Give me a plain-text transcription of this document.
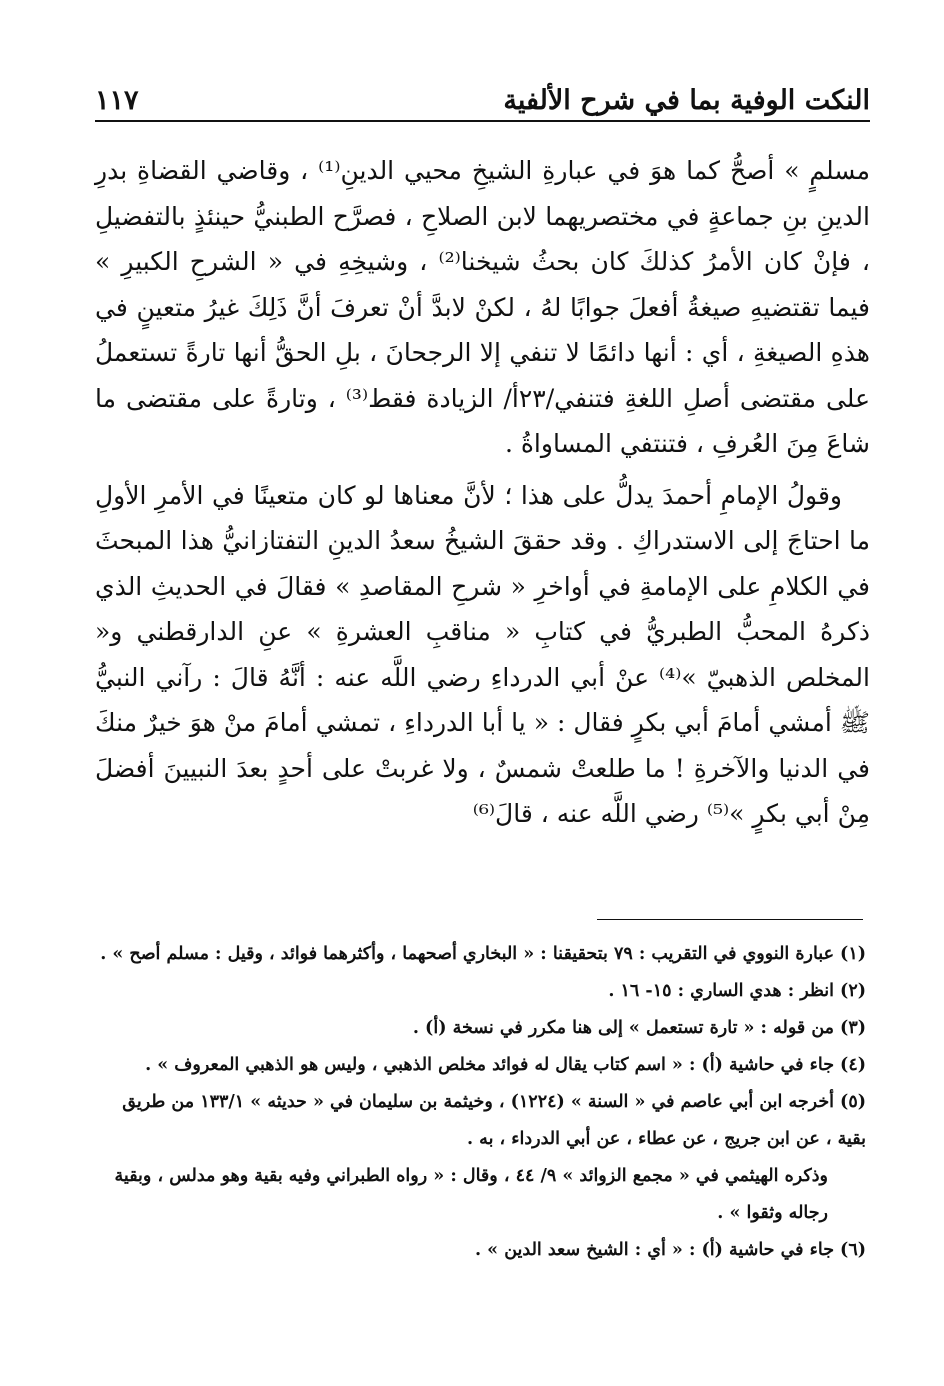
النكت الوفية بما في شرح الألفية
١١٧

مسلمٍ » أصحُّ كما هوَ في عبارةِ الشيخِ محيي الدينِ⁽¹⁾ ، وقاضي القضاةِ بدرِ الدينِ بنِ جماعةٍ في مختصريهما لابن الصلاحِ ، فصرَّح الطبنيُّ حينئذٍ بالتفضيلِ ، فإنْ كان الأمرُ كذلكَ كان بحثُ شيخنا⁽²⁾ ، وشيخِهِ في « الشرحِ الكبيرِ » فيما تقتضيهِ صيغةُ أفعلَ جوابًا لهُ ، لكنْ لابدَّ أنْ تعرفَ أنَّ ذَلِكَ غيرُ متعينٍ في هذهِ الصيغةِ ، أي : أنها دائمًا لا تنفي إلا الرجحانَ ، بلِ الحقُّ أنها تارةً تستعملُ على مقتضى أصلِ اللغةِ فتنفي/٢٣أ/ الزيادة فقط⁽³⁾ ، وتارةً على مقتضى ما شاعَ مِنَ العُرفِ ، فتنتفي المساواةُ .

وقولُ الإمامِ أحمدَ يدلُّ على هذا ؛ لأنَّ معناها لو كان متعينًا في الأمرِ الأولِ ما احتاجَ إلى الاستدراكِ . وقد حققَ الشيخُ سعدُ الدينِ التفتازانيُّ هذا المبحثَ في الكلامِ على الإمامةِ في أواخرِ « شرحِ المقاصدِ » فقالَ في الحديثِ الذي ذكرهُ المحبُّ الطبريُّ في كتابِ « مناقبِ العشرةِ » عنِ الدارقطني و« المخلص الذهبيّ »⁽⁴⁾ عنْ أبي الدرداءِ رضي اللَّه عنه : أنَّهُ قالَ : رآني النبيُّ ﷺ أمشي أمامَ أبي بكرٍ فقال : « يا أبا الدرداءِ ، تمشي أمامَ منْ هوَ خيرٌ منكَ في الدنيا والآخرةِ ! ما طلعتْ شمسٌ ، ولا غربتْ على أحدٍ بعدَ النبيينَ أفضلَ مِنْ أبي بكرٍ »⁽⁵⁾ رضي اللَّه عنه ، قالَ⁽⁶⁾

(١)عبارة النووي في التقريب : ٧٩ بتحقيقنا : « البخاري أصحهما ، وأكثرهما فوائد ، وقيل : مسلم أصح » .

(٢)انظر : هدي الساري : ١٥- ١٦ .

(٣)من قوله : « تارة تستعمل » إلى هنا مكرر في نسخة (أ) .

(٤)جاء في حاشية (أ) : « اسم كتاب يقال له فوائد مخلص الذهبي ، وليس هو الذهبي المعروف » .

(٥)أخرجه ابن أبي عاصم في « السنة » (١٢٢٤) ، وخيثمة بن سليمان في « حديثه » ١٣٣/١ من طريق بقية ، عن ابن جريج ، عن عطاء ، عن أبي الدرداء ، به .

وذكره الهيثمي في « مجمع الزوائد » ٩/ ٤٤ ، وقال : « رواه الطبراني وفيه بقية وهو مدلس ، وبقية رجاله وثقوا » .

(٦)جاء في حاشية (أ) : « أي : الشيخ سعد الدين » .
